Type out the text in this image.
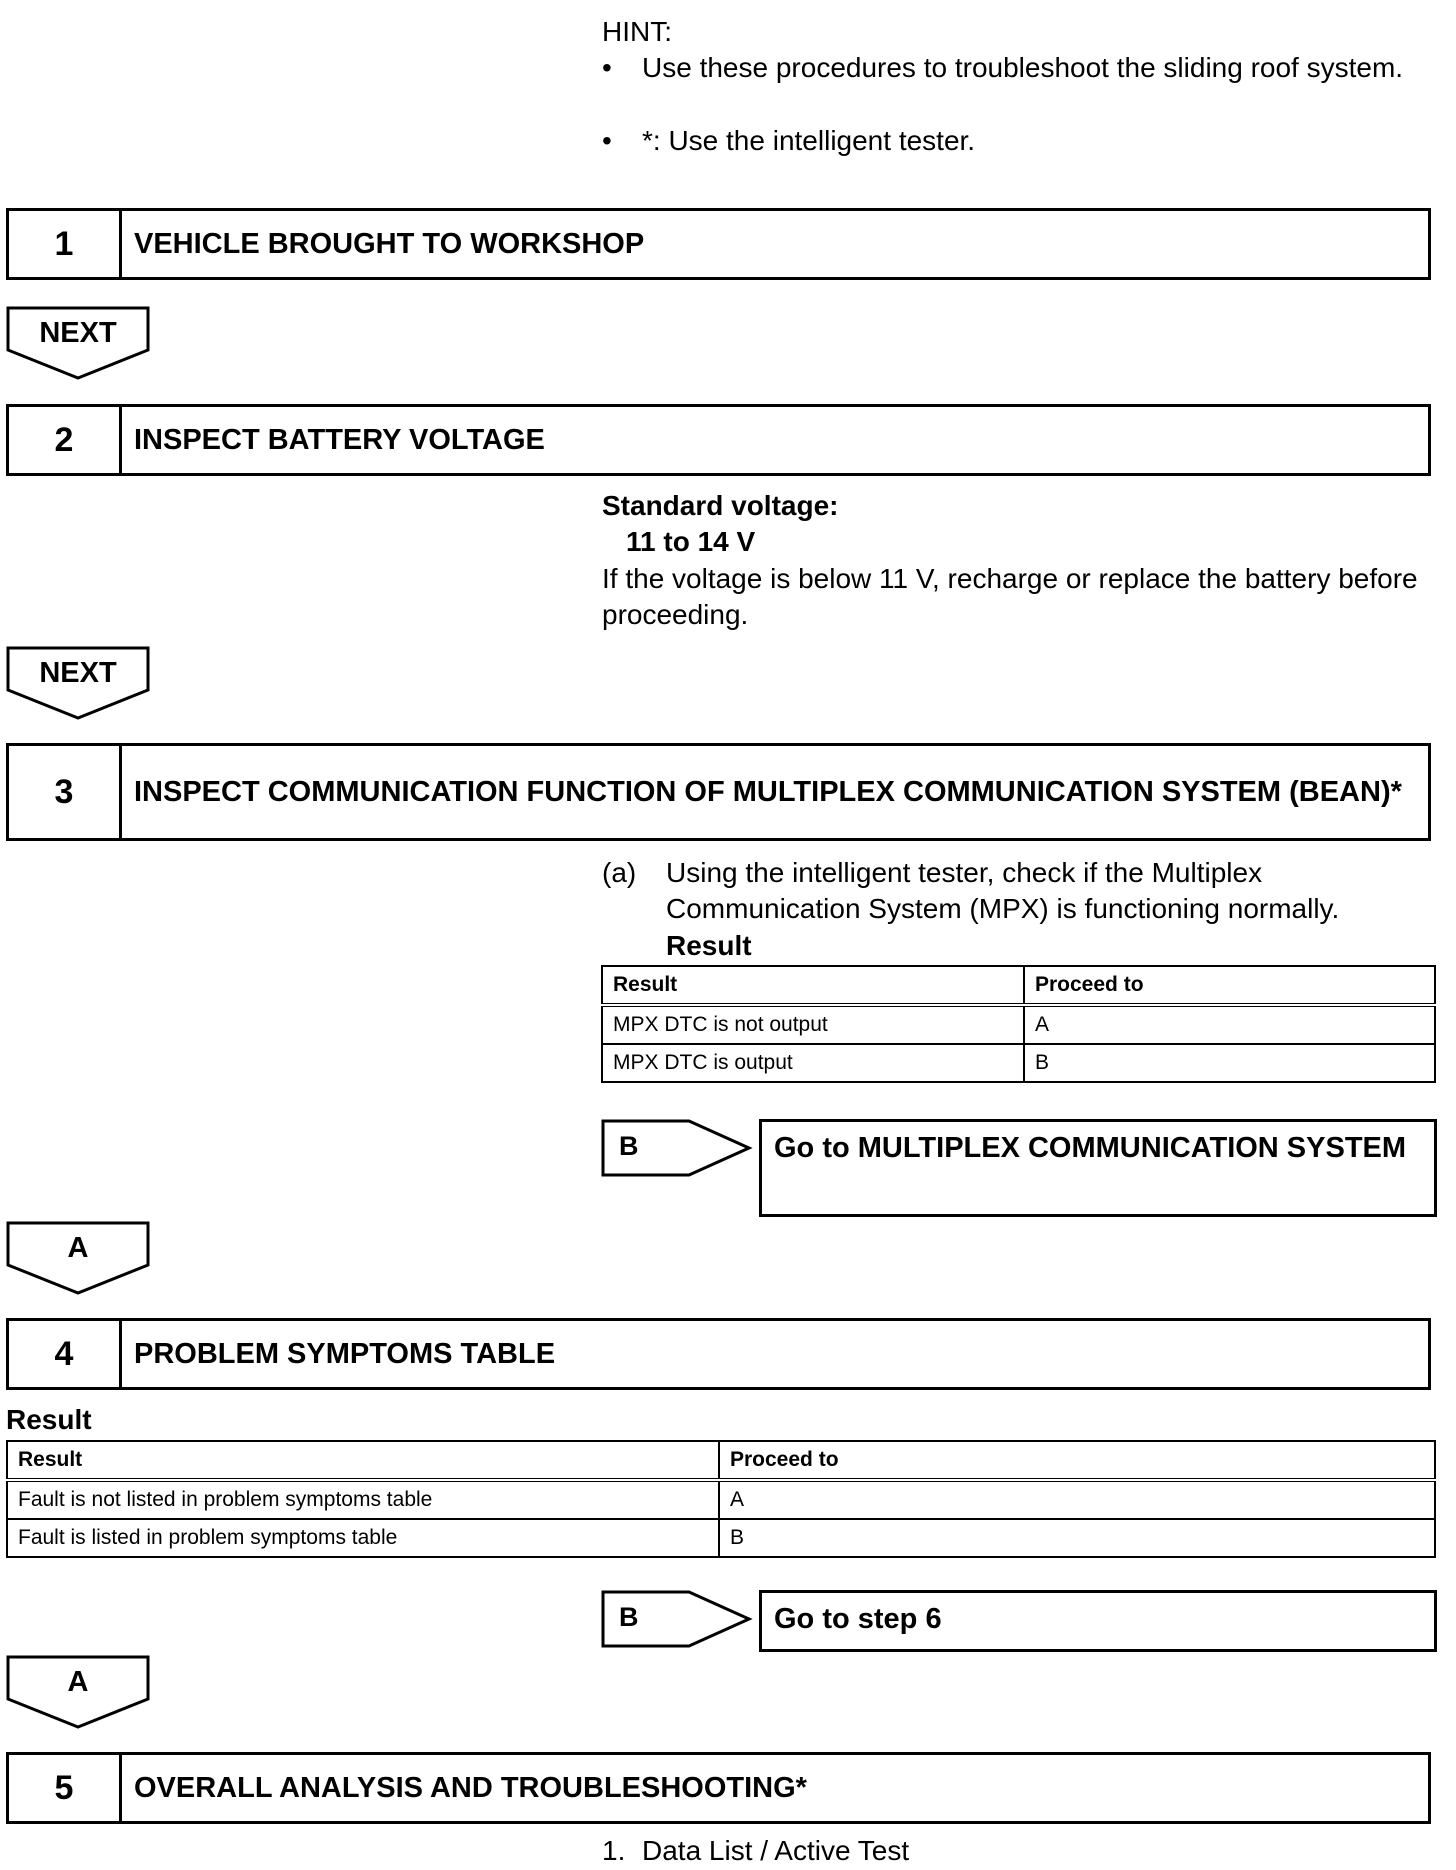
HINT:
•	Use these procedures to troubleshoot the sliding roof system.
•	*: Use the intelligent tester.
1	VEHICLE BROUGHT TO WORKSHOP
NEXT
2	INSPECT BATTERY VOLTAGE
Standard voltage:
11 to 14 V
If the voltage is below 11 V, recharge or replace the battery before proceeding.
NEXT
3	INSPECT COMMUNICATION FUNCTION OF MULTIPLEX COMMUNICATION SYSTEM (BEAN)*
(a) Using the intelligent tester, check if the Multiplex Communication System (MPX) is functioning normally.
Result
Result	Proceed to
MPX DTC is not output	A
MPX DTC is output	B
B	Go to MULTIPLEX COMMUNICATION SYSTEM
A
4	PROBLEM SYMPTOMS TABLE
Result
Result	Proceed to
Fault is not listed in problem symptoms table	A
Fault is listed in problem symptoms table	B
B	Go to step 6
A
5	OVERALL ANALYSIS AND TROUBLESHOOTING*
1. Data List / Active Test
